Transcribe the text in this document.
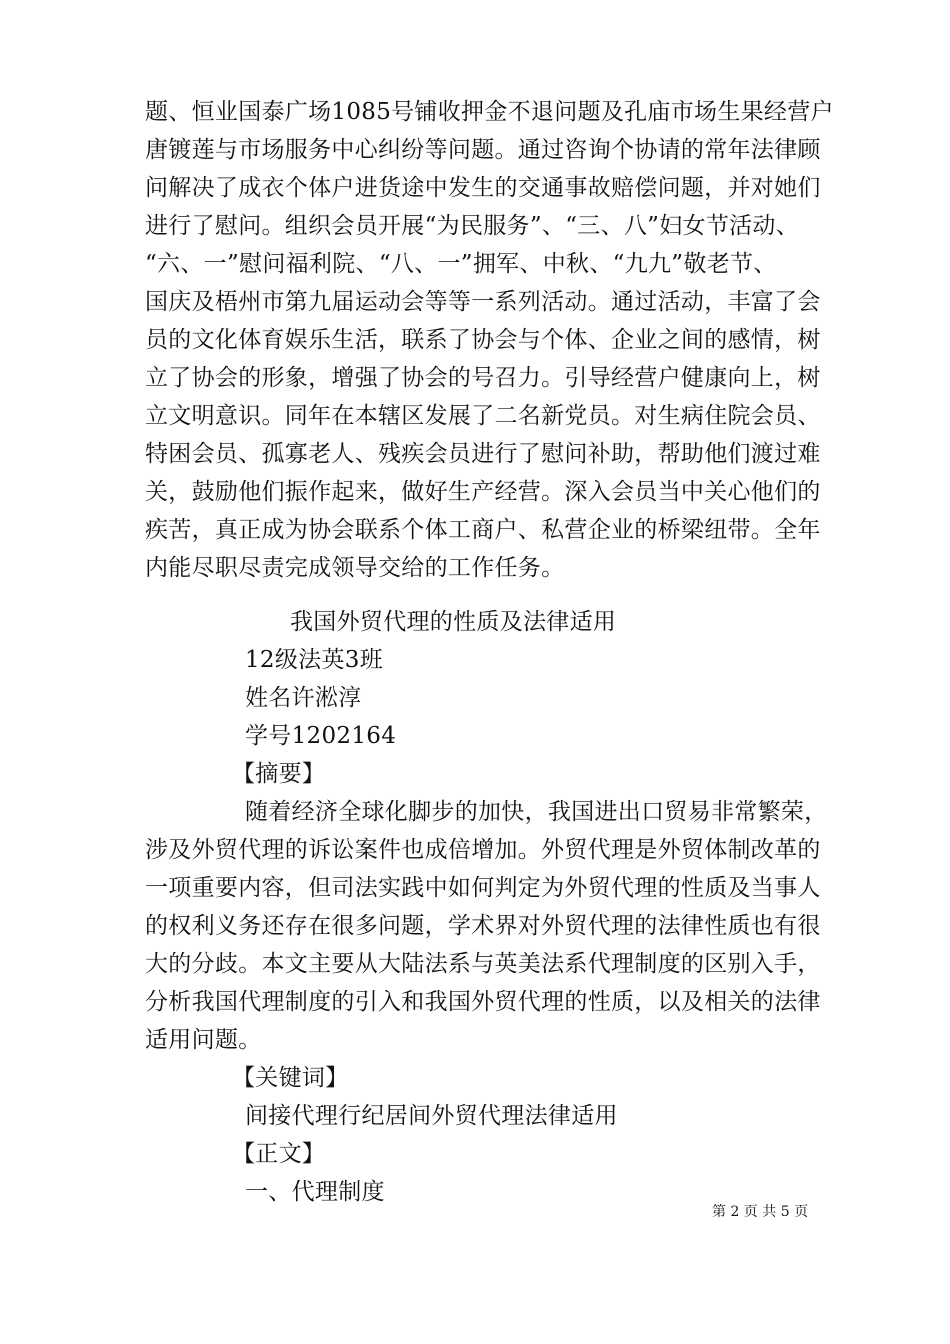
题、恒业国泰广场1085号铺收押金不退问题及孔庙市场生果经营户
唐镀莲与市场服务中心纠纷等问题。通过咨询个协请的常年法律顾
问解决了成衣个体户进货途中发生的交通事故赔偿问题，并对她们
进行了慰问。组织会员开展“为民服务”、“三、八”妇女节活动、
“六、一”慰问福利院、“八、一”拥军、中秋、“九九”敬老节、
国庆及梧州市第九届运动会等等一系列活动。通过活动，丰富了会
员的文化体育娱乐生活，联系了协会与个体、企业之间的感情，树
立了协会的形象，增强了协会的号召力。引导经营户健康向上，树
立文明意识。同年在本辖区发展了二名新党员。对生病住院会员、
特困会员、孤寡老人、残疾会员进行了慰问补助，帮助他们渡过难
关，鼓励他们振作起来，做好生产经营。深入会员当中关心他们的
疾苦，真正成为协会联系个体工商户、私营企业的桥梁纽带。全年
内能尽职尽责完成领导交给的工作任务。
我国外贸代理的性质及法律适用
12级法英3班
姓名许淞淳
学号1202164
【摘要】
随着经济全球化脚步的加快，我国进出口贸易非常繁荣，
涉及外贸代理的诉讼案件也成倍增加。外贸代理是外贸体制改革的
一项重要内容，但司法实践中如何判定为外贸代理的性质及当事人
的权利义务还存在很多问题，学术界对外贸代理的法律性质也有很
大的分歧。本文主要从大陆法系与英美法系代理制度的区别入手，
分析我国代理制度的引入和我国外贸代理的性质，以及相关的法律
适用问题。
【关键词】
间接代理行纪居间外贸代理法律适用
【正文】
一、代理制度
第 2 页 共 5 页
